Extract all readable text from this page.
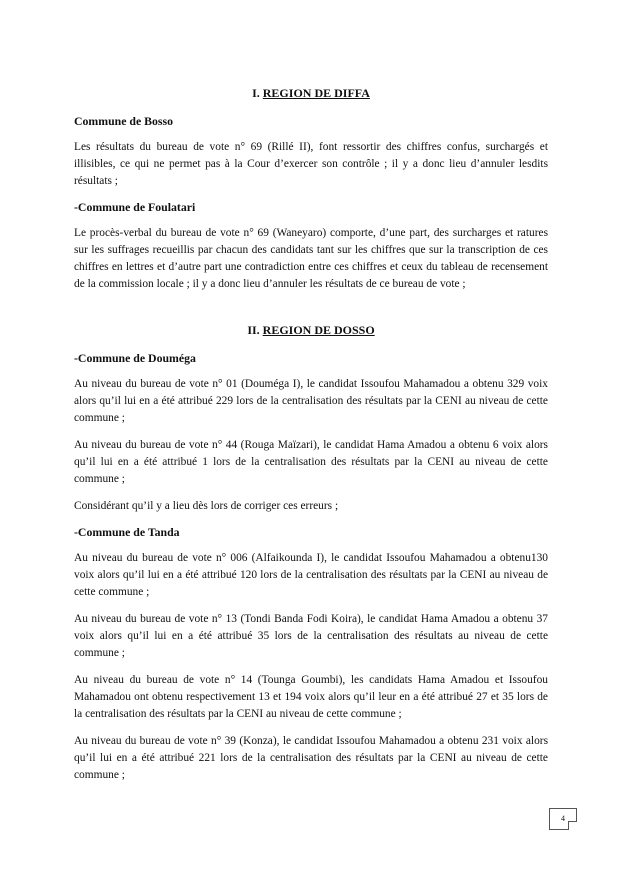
I. REGION DE DIFFA
Commune de Bosso

Les résultats du bureau de vote n° 69 (Rillé II), font ressortir des chiffres confus, surchargés et illisibles, ce qui ne permet pas à la Cour d’exercer son contrôle ; il y a donc lieu d’annuler lesdits résultats ;

-Commune de Foulatari

Le procès-verbal du bureau de vote n° 69 (Waneyaro) comporte, d’une part, des surcharges et ratures sur les suffrages recueillis par chacun des candidats tant sur les chiffres que sur la transcription de ces chiffres en lettres et d’autre part une contradiction entre ces chiffres et ceux du tableau de recensement de la commission locale ; il y a donc lieu d’annuler les résultats de ce bureau de vote ;

II. REGION DE DOSSO
-Commune de Douméga

Au niveau du bureau de vote n° 01 (Douméga I), le candidat Issoufou Mahamadou a obtenu 329 voix alors qu’il lui en a été attribué 229 lors de la centralisation des résultats par la CENI au niveau de cette commune ;

Au niveau du bureau de vote n° 44 (Rouga Maïzari), le candidat Hama Amadou a obtenu 6 voix alors qu’il lui en a été attribué 1 lors de la centralisation des résultats par la CENI au niveau de cette commune ;

Considérant qu’il y a lieu dès lors de corriger ces erreurs ;

-Commune de Tanda

Au niveau du bureau de vote n° 006 (Alfaikounda I), le candidat Issoufou Mahamadou a obtenu130 voix alors qu’il lui en a été attribué 120 lors de la centralisation des résultats par la CENI au niveau de cette commune ;

Au niveau du bureau de vote n° 13 (Tondi Banda Fodi Koira), le candidat Hama Amadou a obtenu 37 voix alors qu’il lui en a été attribué 35 lors de la centralisation des résultats au niveau de cette commune ;

Au niveau du bureau de vote n° 14 (Tounga Goumbi), les candidats Hama Amadou et Issoufou Mahamadou ont obtenu respectivement 13 et 194 voix alors qu’il leur en a été attribué 27 et 35 lors de la centralisation des résultats par la CENI au niveau de cette commune ;

Au niveau du bureau de vote n° 39 (Konza), le candidat Issoufou Mahamadou a obtenu 231 voix alors qu’il lui en a été attribué 221 lors de la centralisation des résultats par la CENI au niveau de cette commune ;

4
